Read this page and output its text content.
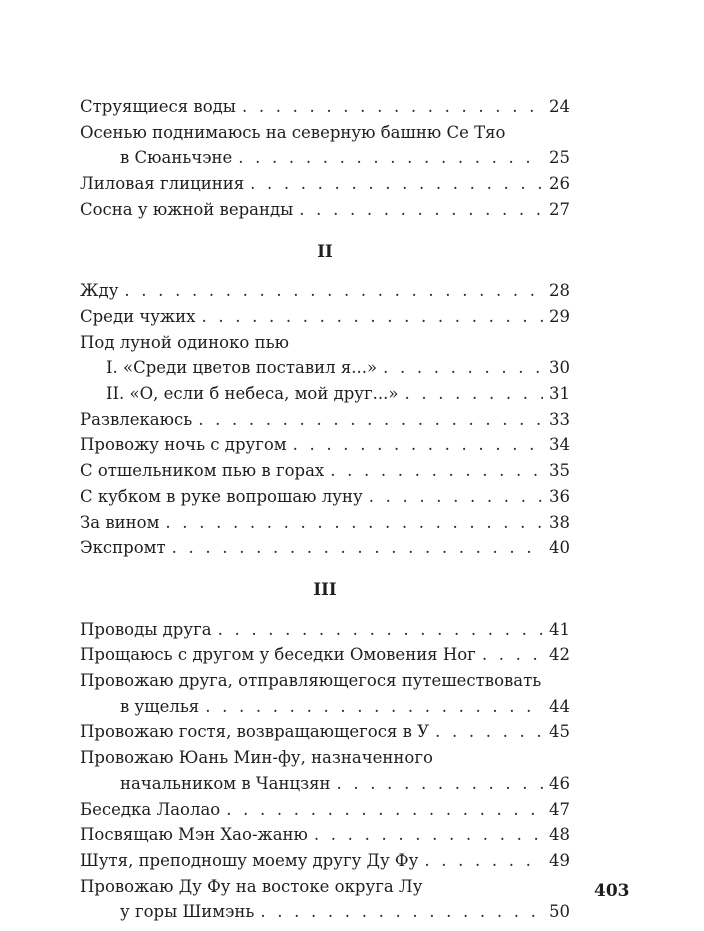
Струящиеся воды . . .	24
Осенью поднимаюсь на северную башню Се Тяо
в Сюаньчэне . . .	25
Лиловая глициния . . .	26
Сосна у южной веранды . . .	27
II
Жду . . .	28
Среди чужих . . .	29
Под луной одиноко пью
I. «Среди цветов поставил я...» . . .	30
II. «О, если б небеса, мой друг...» . . .	31
Развлекаюсь . . .	33
Провожу ночь с другом . . .	34
С отшельником пью в горах . . .	35
С кубком в руке вопрошаю луну . . .	36
За вином . . .	38
Экспромт . . .	40
III
Проводы друга . . .	41
Прощаюсь с другом у беседки Омовения Ног . . .	42
Провожаю друга, отправляющегося путешествовать
в ущелья . . .	44
Провожаю гостя, возвращающегося в У . . .	45
Провожаю Юань Мин-фу, назначенного
начальником в Чанцзян . . .	46
Беседка Лаолао . . .	47
Посвящаю Мэн Хао-жаню . . .	48
Шутя, преподношу моему другу Ду Фу . . .	49
Провожаю Ду Фу на востоке округа Лу
у горы Шимэнь . . .	50
403
